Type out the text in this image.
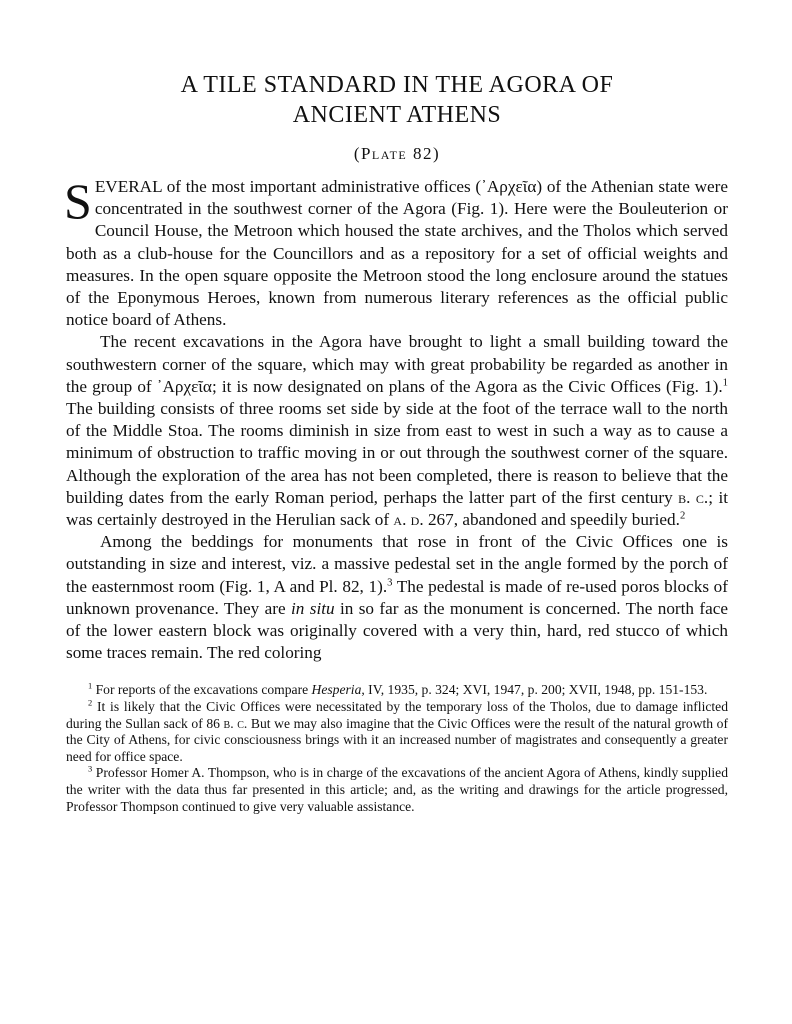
A TILE STANDARD IN THE AGORA OF
ANCIENT ATHENS
(Plate 82)

SEVERAL of the most important administrative offices (᾽Αρχεῖα) of the Athenian state were concentrated in the southwest corner of the Agora (Fig. 1). Here were the Bouleuterion or Council House, the Metroon which housed the state archives, and the Tholos which served both as a club-house for the Councillors and as a repository for a set of official weights and measures. In the open square opposite the Metroon stood the long enclosure around the statues of the Eponymous Heroes, known from numerous literary references as the official public notice board of Athens.

The recent excavations in the Agora have brought to light a small building toward the southwestern corner of the square, which may with great probability be regarded as another in the group of ᾽Αρχεῖα; it is now designated on plans of the Agora as the Civic Offices (Fig. 1).$^1$ The building consists of three rooms set side by side at the foot of the terrace wall to the north of the Middle Stoa. The rooms diminish in size from east to west in such a way as to cause a minimum of obstruction to traffic moving in or out through the southwest corner of the square. Although the exploration of the area has not been completed, there is reason to believe that the building dates from the early Roman period, perhaps the latter part of the first century b. c.; it was certainly destroyed in the Herulian sack of a. d. 267, abandoned and speedily buried.$^2$

Among the beddings for monuments that rose in front of the Civic Offices one is outstanding in size and interest, viz. a massive pedestal set in the angle formed by the porch of the easternmost room (Fig. 1, A and Pl. 82, 1).$^3$ The pedestal is made of re-used poros blocks of unknown provenance. They are in situ in so far as the monument is concerned. The north face of the lower eastern block was originally covered with a very thin, hard, red stucco of which some traces remain. The red coloring

$^1$ For reports of the excavations compare Hesperia, IV, 1935, p. 324; XVI, 1947, p. 200; XVII, 1948, pp. 151-153.

$^2$ It is likely that the Civic Offices were necessitated by the temporary loss of the Tholos, due to damage inflicted during the Sullan sack of 86 b. c. But we may also imagine that the Civic Offices were the result of the natural growth of the City of Athens, for civic consciousness brings with it an increased number of magistrates and consequently a greater need for office space.

$^3$ Professor Homer A. Thompson, who is in charge of the excavations of the ancient Agora of Athens, kindly supplied the writer with the data thus far presented in this article; and, as the writing and drawings for the article progressed, Professor Thompson continued to give very valuable assistance.
